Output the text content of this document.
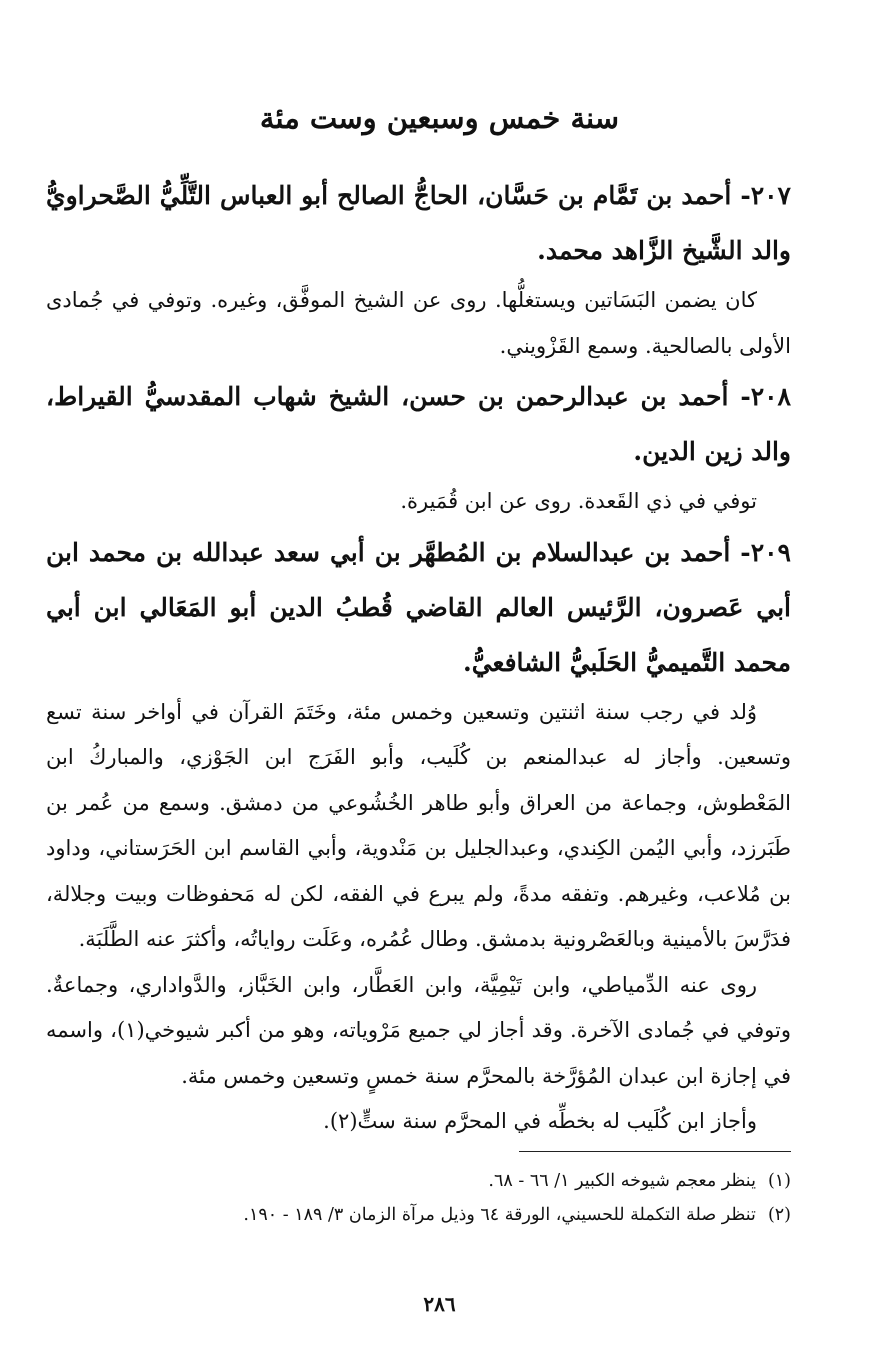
سنة خمس وسبعين وست مئة

٢٠٧- أحمد بن تَمَّام بن حَسَّان، الحاجُّ الصالح أبو العباس التَّلِّيُّ الصَّحراويُّ والد الشَّيخ الزَّاهد محمد.

كان يضمن البَسَاتين ويستغلُّها. روى عن الشيخ الموفَّق، وغيره. وتوفي في جُمادى الأولى بالصالحية. وسمع القَزْويني.

٢٠٨- أحمد بن عبدالرحمن بن حسن، الشيخ شهاب المقدسيُّ القيراط، والد زين الدين.

توفي في ذي القَعدة. روى عن ابن قُمَيرة.

٢٠٩- أحمد بن عبدالسلام بن المُطهَّر بن أبي سعد عبدالله بن محمد ابن أبي عَصرون، الرَّئيس العالم القاضي قُطبُ الدين أبو المَعَالي ابن أبي محمد التَّميميُّ الحَلَبيُّ الشافعيُّ.

وُلد في رجب سنة اثنتين وتسعين وخمس مئة، وخَتَمَ القرآن في أواخر سنة تسع وتسعين. وأجاز له عبدالمنعم بن كُلَيب، وأبو الفَرَج ابن الجَوْزي، والمباركُ ابن المَعْطوش، وجماعة من العراق وأبو طاهر الخُشُوعي من دمشق. وسمع من عُمر بن طَبَرزد، وأبي اليُمن الكِندي، وعبدالجليل بن مَنْدوية، وأبي القاسم ابن الحَرَستاني، وداود بن مُلاعب، وغيرهم. وتفقه مدةً، ولم يبرع في الفقه، لكن له مَحفوظات وبيت وجلالة، فدَرَّسَ بالأمينية وبالعَصْرونية بدمشق. وطال عُمُره، وعَلَت رواياتُه، وأكثرَ عنه الطَّلَبَة.

روى عنه الدِّمياطي، وابن تَيْمِيَّة، وابن العَطَّار، وابن الخَبَّاز، والدَّواداري، وجماعةٌ. وتوفي في جُمادى الآخرة. وقد أجاز لي جميع مَرْوياته، وهو من أكبر شيوخي(١)، واسمه في إجازة ابن عبدان المُؤرَّخة بالمحرَّم سنة خمسٍ وتسعين وخمس مئة.

وأجاز ابن كُلَيب له بخطِّه في المحرَّم سنة ستٍّ(٢).

(١)ينظر معجم شيوخه الكبير ١/ ٦٦ - ٦٨.

(٢)تنظر صلة التكملة للحسيني، الورقة ٦٤ وذيل مرآة الزمان ٣/ ١٨٩ - ١٩٠.

٢٨٦
